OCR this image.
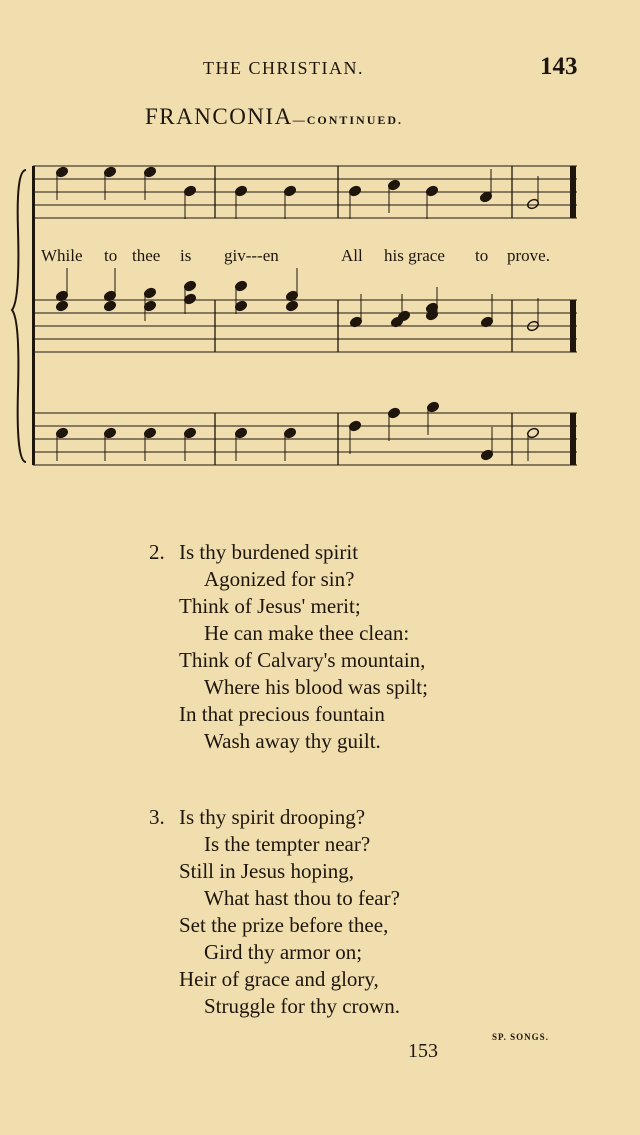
THE CHRISTIAN.	143
FRANCONIA—CONTINUED.
While to thee is giv---en	All his grace to prove.
2. Is thy burdened spirit
Agonized for sin?
Think of Jesus' merit;
He can make thee clean:
Think of Calvary's mountain,
Where his blood was spilt;
In that precious fountain
Wash away thy guilt.
3. Is thy spirit drooping?
Is the tempter near?
Still in Jesus hoping,
What hast thou to fear?
Set the prize before thee,
Gird thy armor on;
Heir of grace and glory,
Struggle for thy crown.
SP. SONGS.
153
